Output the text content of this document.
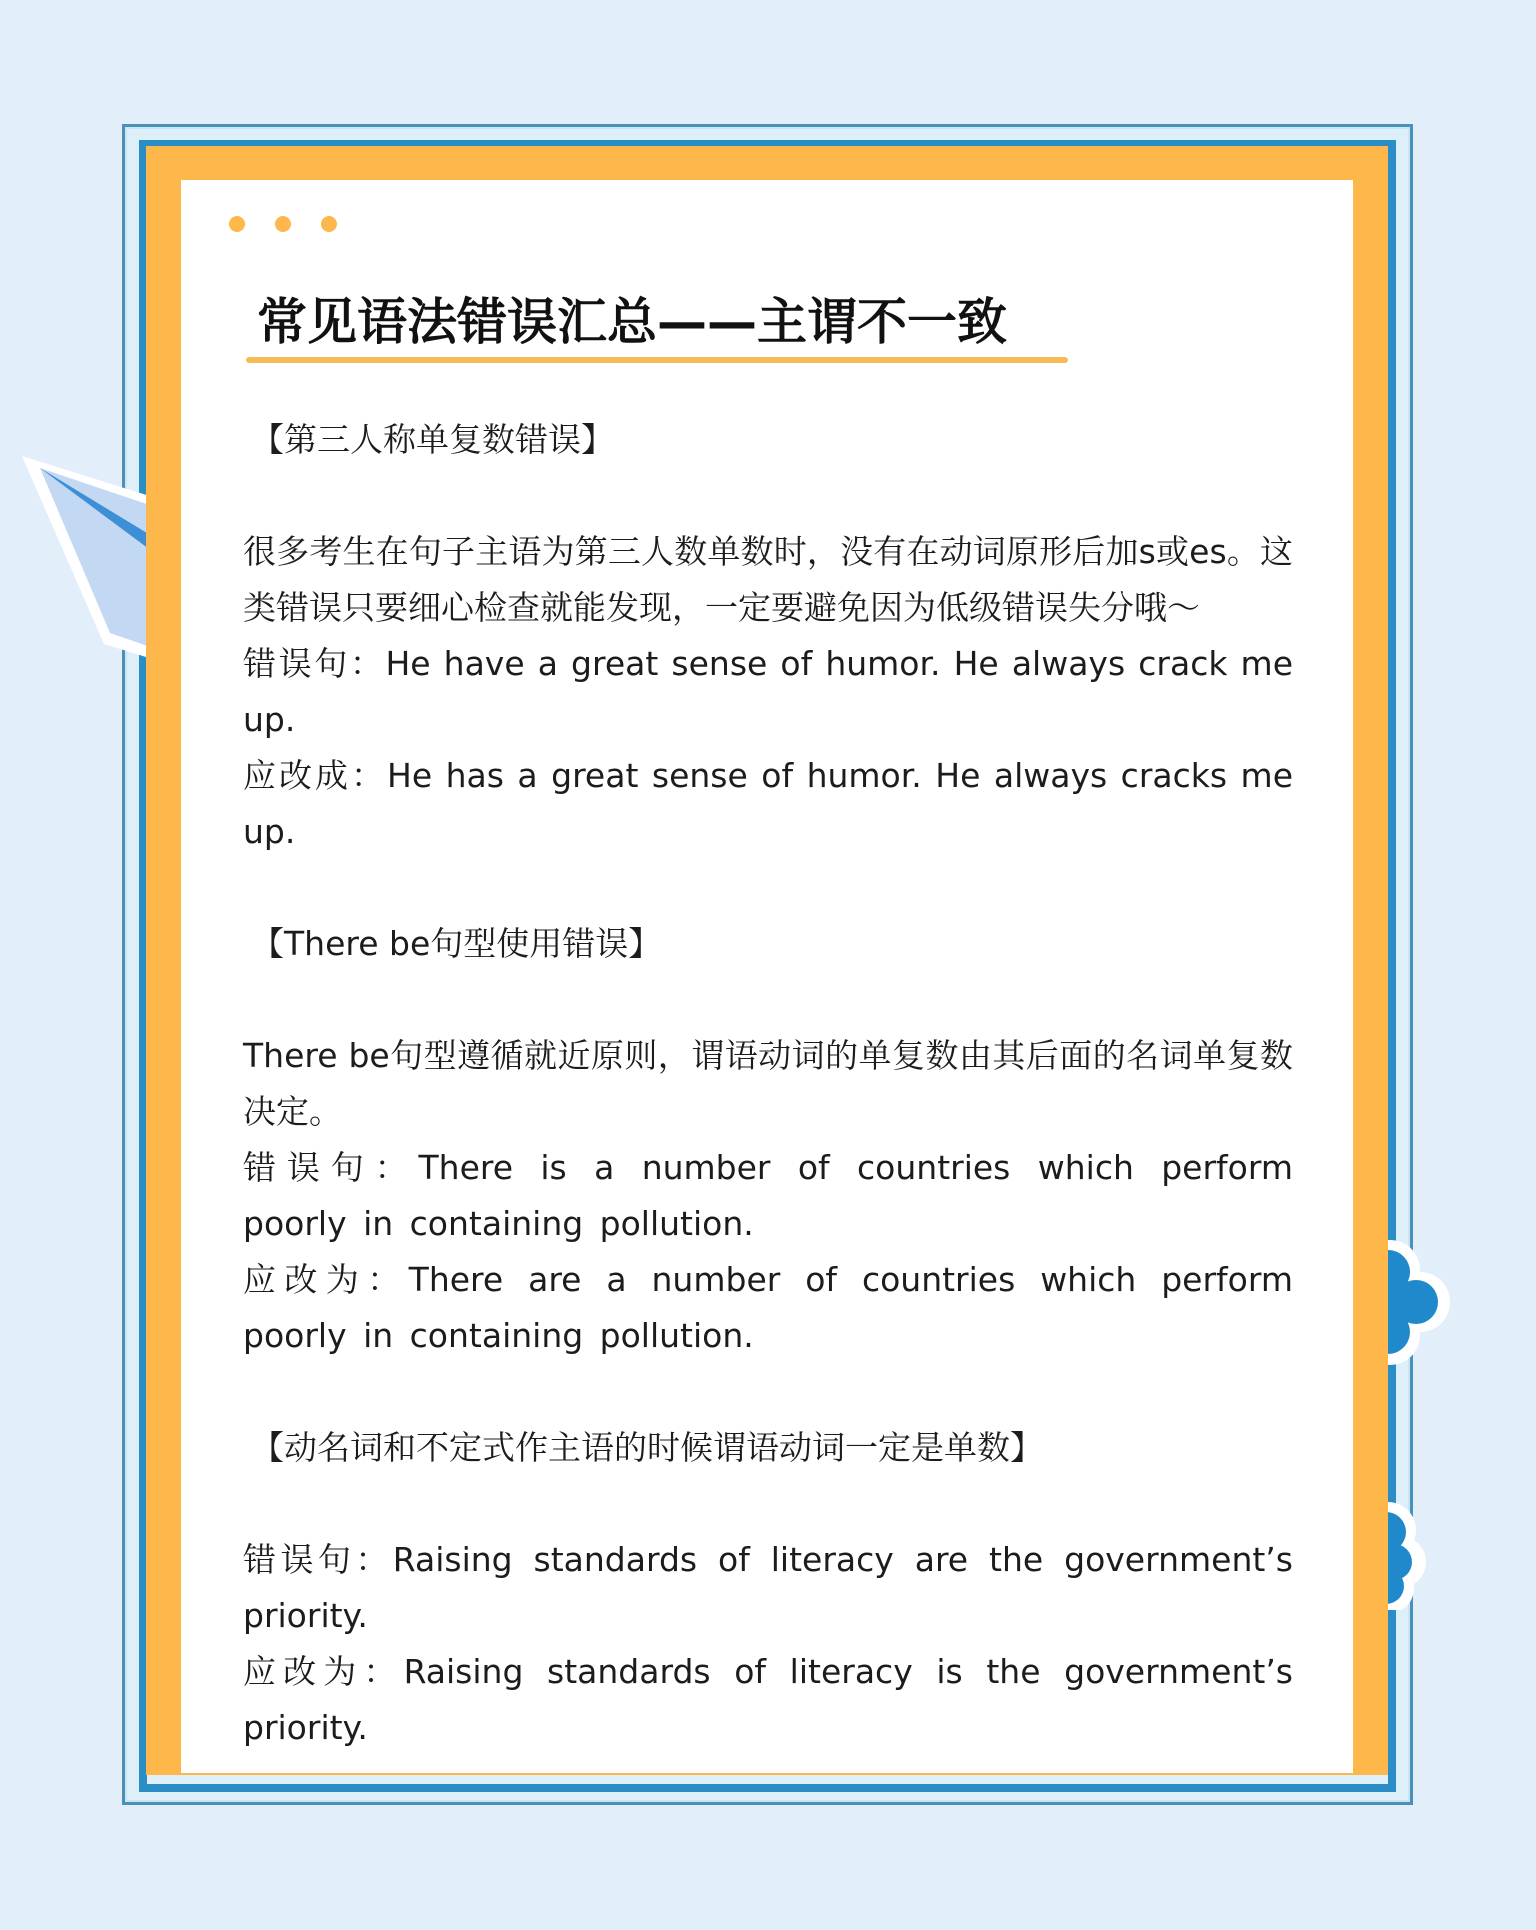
常见语法错误汇总——主谓不一致

【第三人称单复数错误】

很多考生在句子主语为第三人数单数时，没有在动词原形后加s或es。这类错误只要细心检查就能发现，一定要避免因为低级错误失分哦～

错误句：He have a great sense of humor. He always crack me up.

应改成：He has a great sense of humor. He always cracks me up.

【There be句型使用错误】

There be句型遵循就近原则，谓语动词的单复数由其后面的名词单复数决定。

错误句：There is a number of countries which perform poorly in containing pollution.

应改为：There are a number of countries which perform poorly in containing pollution.

【动名词和不定式作主语的时候谓语动词一定是单数】

错误句：Raising standards of literacy are the government’s priority.

应改为：Raising standards of literacy is the government’s priority.
